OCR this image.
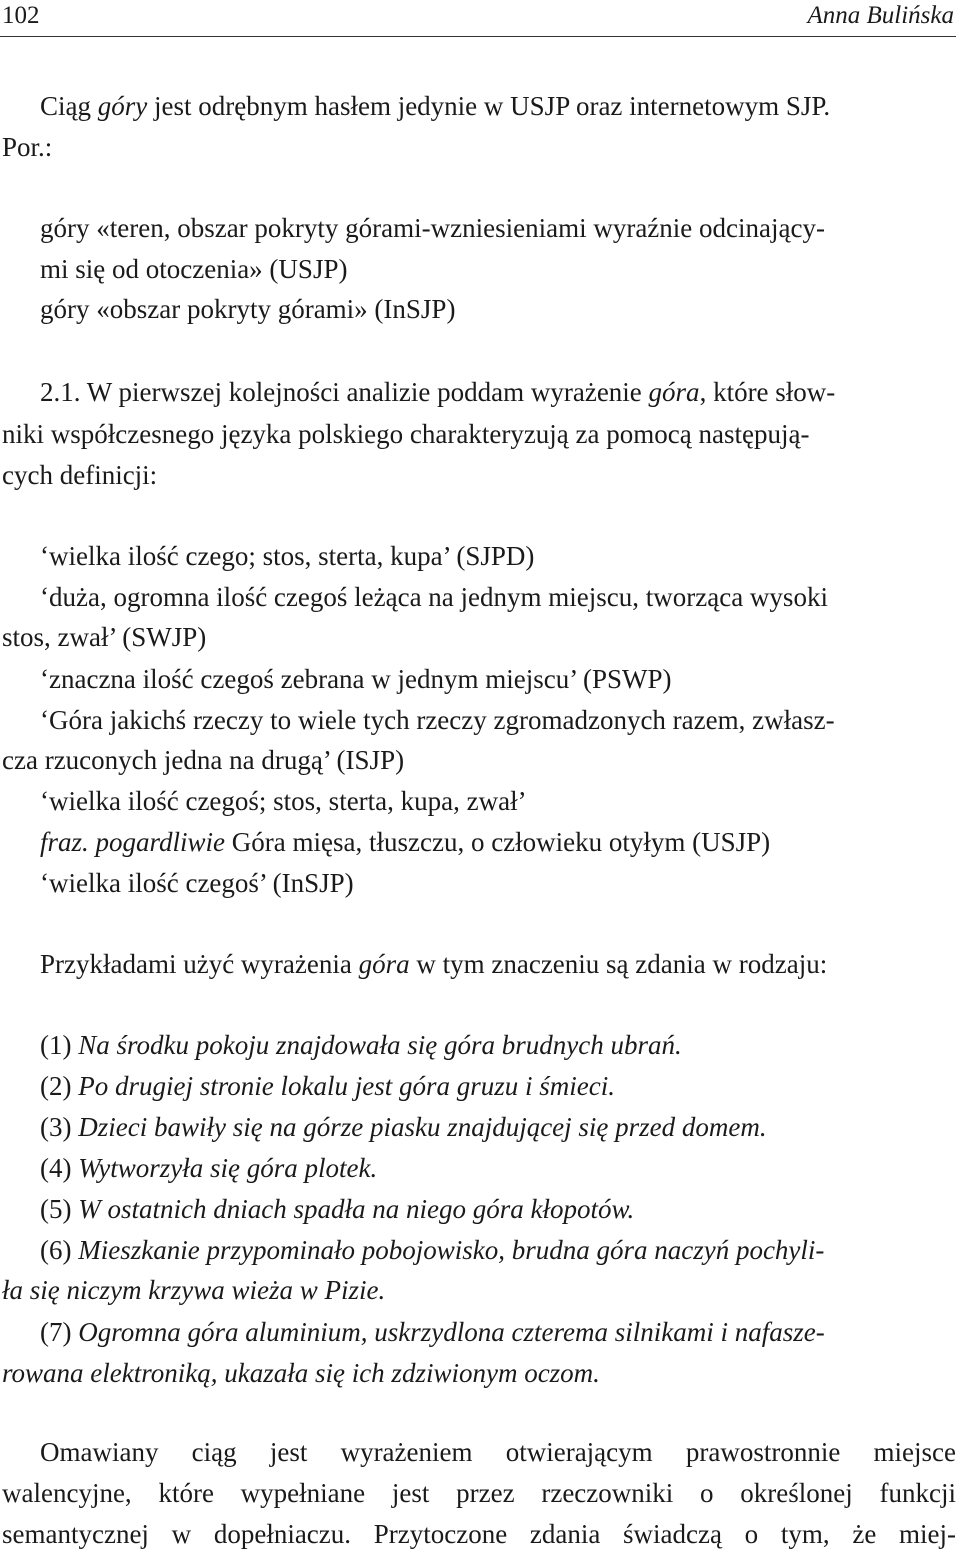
102	Anna Bulińska
Ciąg góry jest odrębnym hasłem jedynie w USJP oraz internetowym SJP.
Por.:
góry «teren, obszar pokryty górami-wzniesieniami wyraźnie odcinający-
mi się od otoczenia» (USJP)
góry «obszar pokryty górami» (InSJP)
2.1. W pierwszej kolejności analizie poddam wyrażenie góra, które słow-
niki współczesnego języka polskiego charakteryzują za pomocą następują-
cych definicji:
‘wielka ilość czego; stos, sterta, kupa’ (SJPD)
‘duża, ogromna ilość czegoś leżąca na jednym miejscu, tworząca wysoki
stos, zwał’ (SWJP)
‘znaczna ilość czegoś zebrana w jednym miejscu’ (PSWP)
‘Góra jakichś rzeczy to wiele tych rzeczy zgromadzonych razem, zwłasz-
cza rzuconych jedna na drugą’ (ISJP)
‘wielka ilość czegoś; stos, sterta, kupa, zwał’
fraz. pogardliwie Góra mięsa, tłuszczu, o człowieku otyłym (USJP)
‘wielka ilość czegoś’ (InSJP)
Przykładami użyć wyrażenia góra w tym znaczeniu są zdania w rodzaju:
(1) Na środku pokoju znajdowała się góra brudnych ubrań.
(2) Po drugiej stronie lokalu jest góra gruzu i śmieci.
(3) Dzieci bawiły się na górze piasku znajdującej się przed domem.
(4) Wytworzyła się góra plotek.
(5) W ostatnich dniach spadła na niego góra kłopotów.
(6) Mieszkanie przypominało pobojowisko, brudna góra naczyń pochyli-
ła się niczym krzywa wieża w Pizie.
(7) Ogromna góra aluminium, uskrzydlona czterema silnikami i nafasze-
rowana elektroniką, ukazała się ich zdziwionym oczom.
Omawiany ciąg jest wyrażeniem otwierającym prawostronnie miejsce
walencyjne, które wypełniane jest przez rzeczowniki o określonej funkcji
semantycznej w dopełniaczu. Przytoczone zdania świadczą o tym, że miej-
